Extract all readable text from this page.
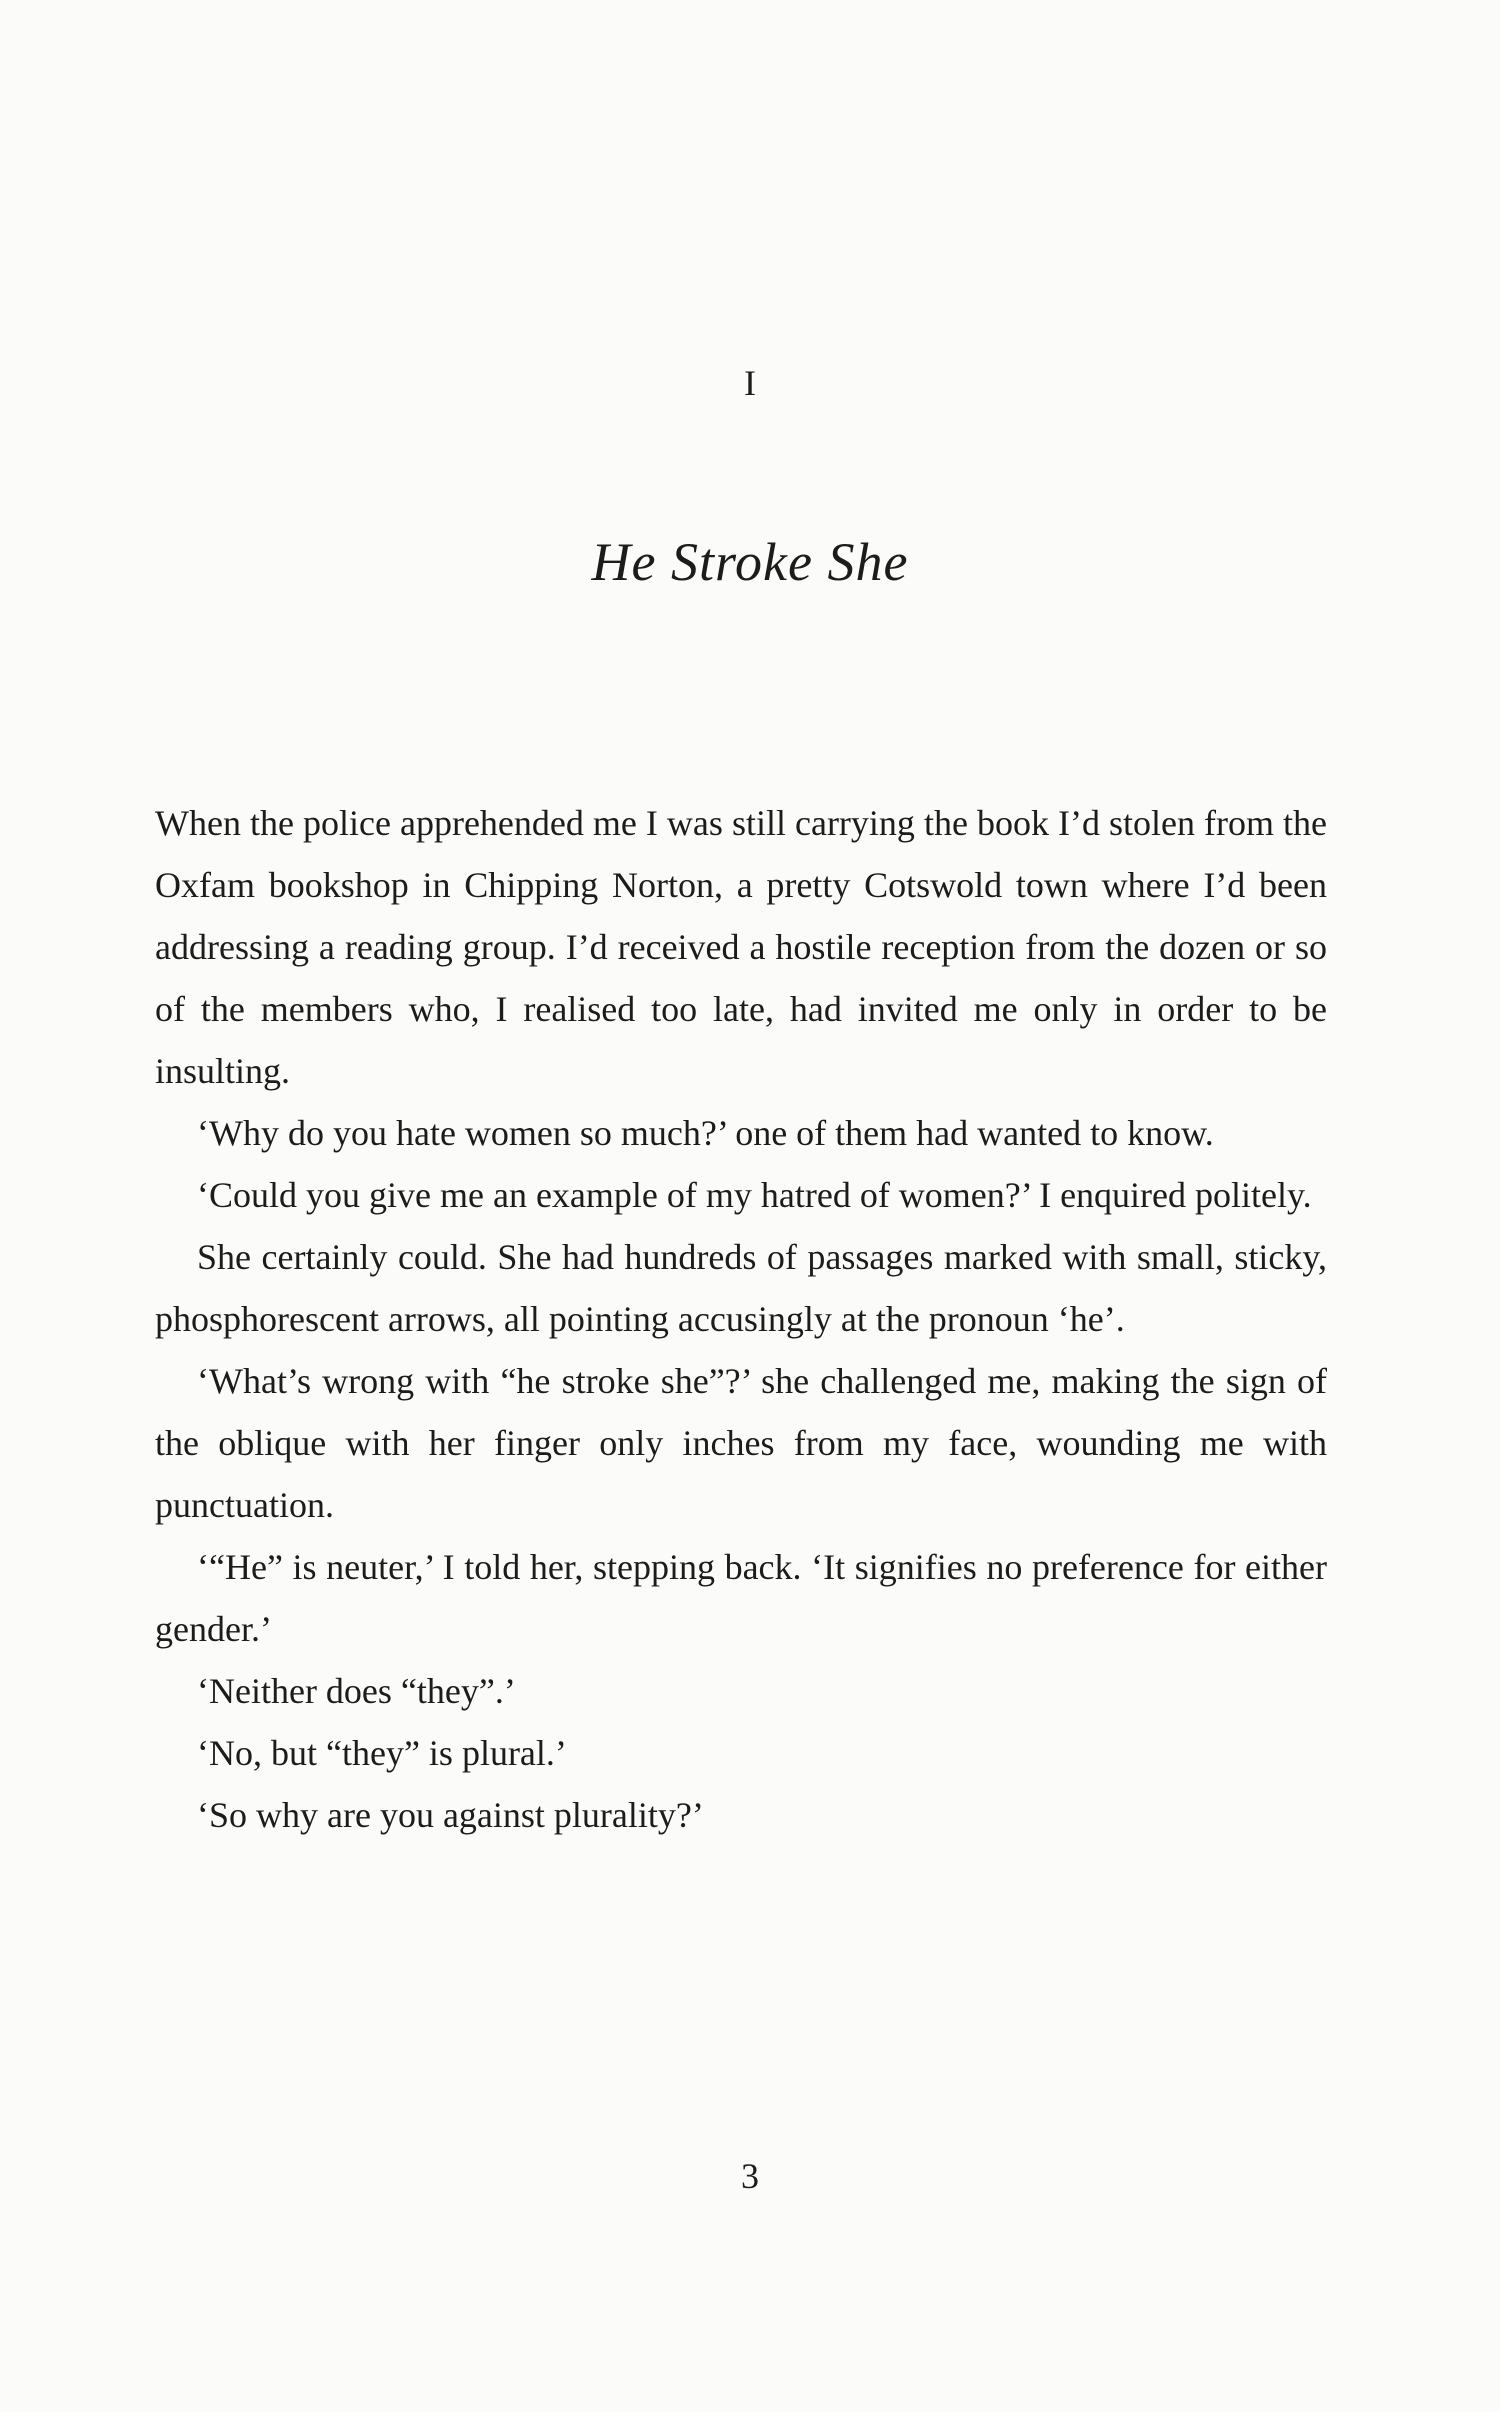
I
He Stroke She

When the police apprehended me I was still carrying the book I’d stolen from the Oxfam bookshop in Chipping Norton, a pretty Cotswold town where I’d been addressing a reading group. I’d received a hostile reception from the dozen or so of the members who, I realised too late, had invited me only in order to be insulting.

‘Why do you hate women so much?’ one of them had wanted to know.

‘Could you give me an example of my hatred of women?’ I enquired politely.

She certainly could. She had hundreds of passages marked with small, sticky, phosphorescent arrows, all pointing accusingly at the pronoun ‘he’.

‘What’s wrong with “he stroke she”?’ she challenged me, making the sign of the oblique with her finger only inches from my face, wounding me with punctuation.

‘“He” is neuter,’ I told her, stepping back. ‘It signifies no preference for either gender.’

‘Neither does “they”.’

‘No, but “they” is plural.’

‘So why are you against plurality?’

3
